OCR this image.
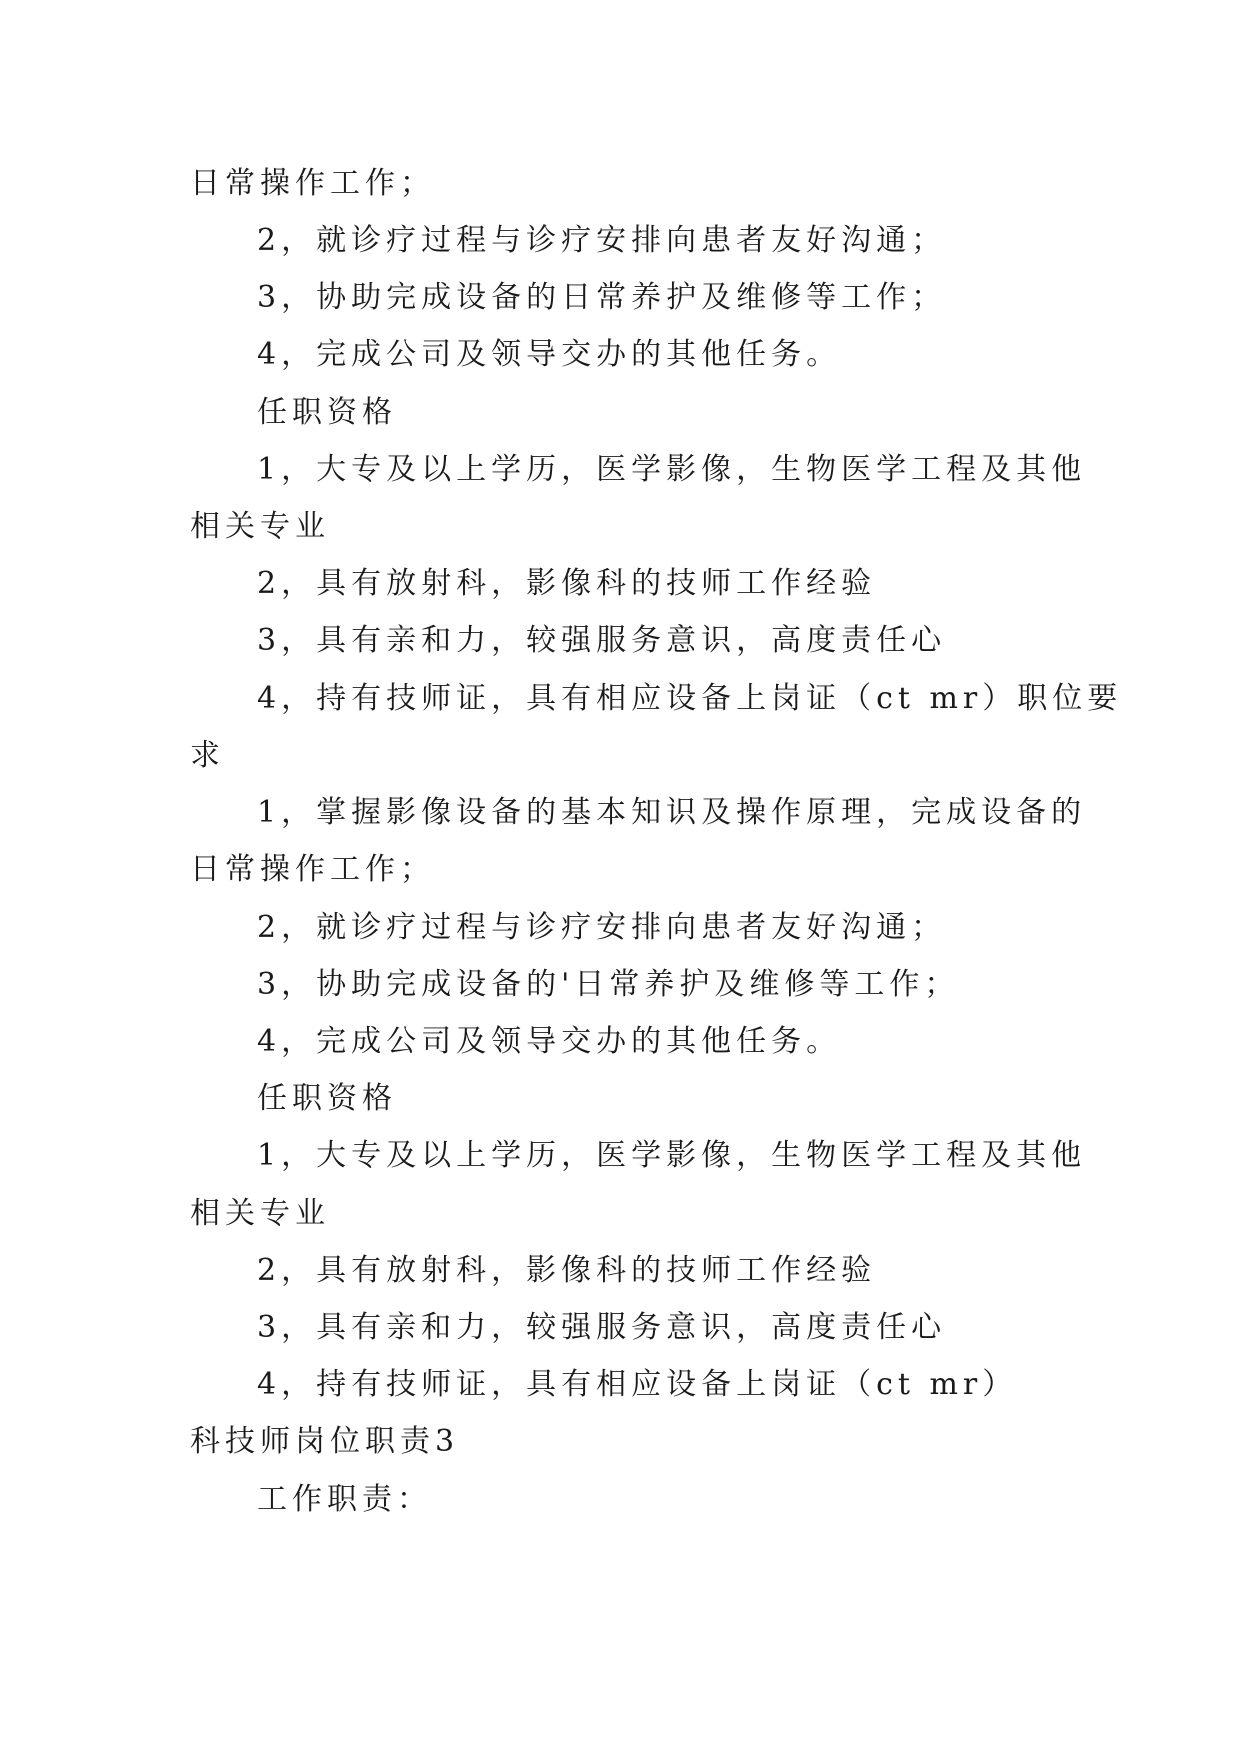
日常操作工作；
2，就诊疗过程与诊疗安排向患者友好沟通；
3，协助完成设备的日常养护及维修等工作；
4，完成公司及领导交办的其他任务。
任职资格
1，大专及以上学历，医学影像，生物医学工程及其他
相关专业
2，具有放射科，影像科的技师工作经验
3，具有亲和力，较强服务意识，高度责任心
4，持有技师证，具有相应设备上岗证（ct mr）职位要
求
1，掌握影像设备的基本知识及操作原理，完成设备的
日常操作工作；
2，就诊疗过程与诊疗安排向患者友好沟通；
3，协助完成设备的'日常养护及维修等工作；
4，完成公司及领导交办的其他任务。
任职资格
1，大专及以上学历，医学影像，生物医学工程及其他
相关专业
2，具有放射科，影像科的技师工作经验
3，具有亲和力，较强服务意识，高度责任心
4，持有技师证，具有相应设备上岗证（ct mr）
科技师岗位职责3
工作职责：
